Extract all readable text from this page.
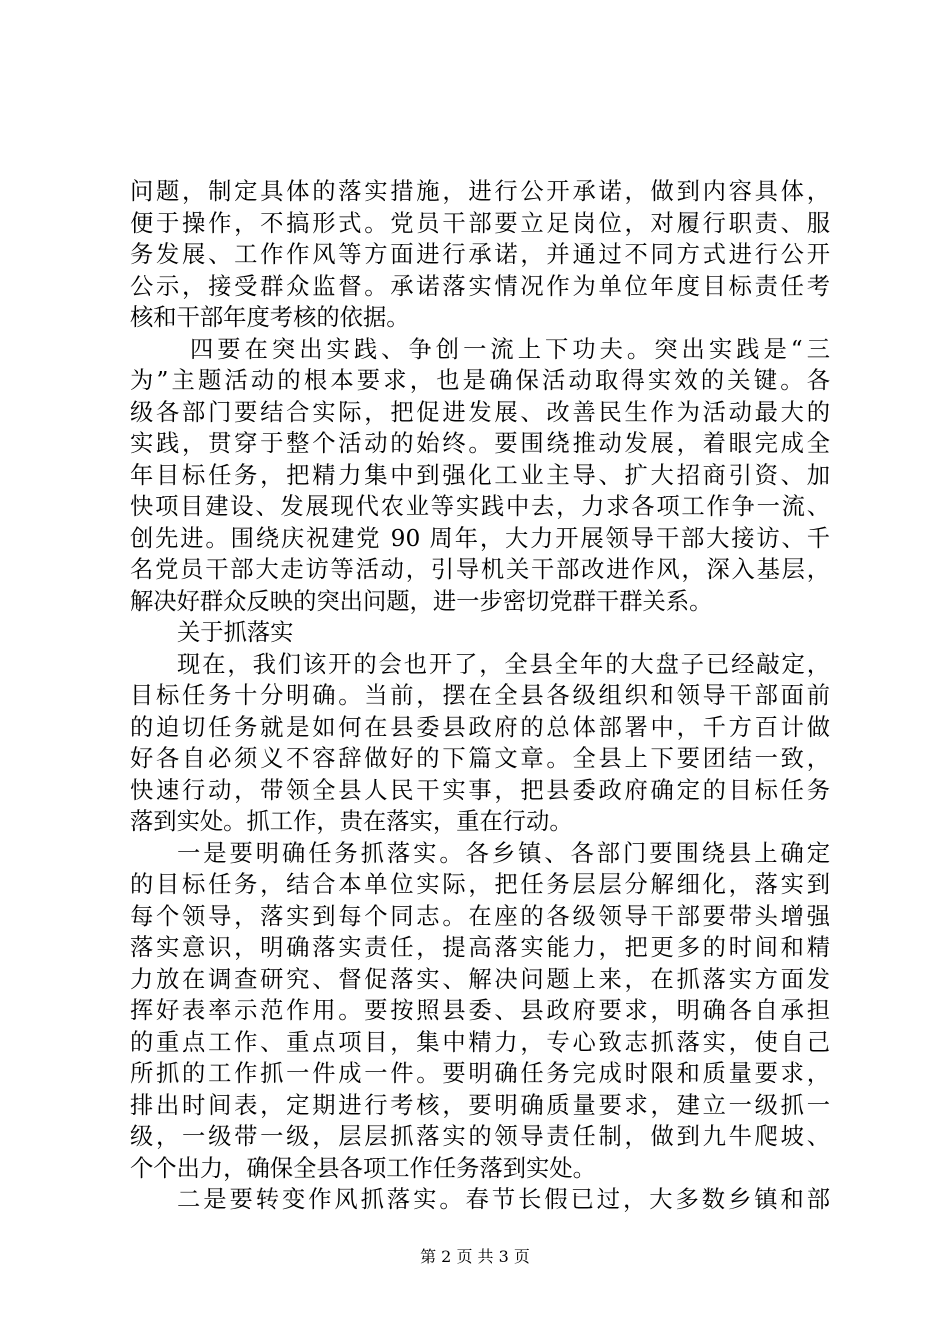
问题，制定具体的落实措施，进行公开承诺，做到内容具体，
便于操作，不搞形式。党员干部要立足岗位，对履行职责、服
务发展、工作作风等方面进行承诺，并通过不同方式进行公开
公示，接受群众监督。承诺落实情况作为单位年度目标责任考
核和干部年度考核的依据。
四要在突出实践、争创一流上下功夫。突出实践是“三
为”主题活动的根本要求，也是确保活动取得实效的关键。各
级各部门要结合实际，把促进发展、改善民生作为活动最大的
实践，贯穿于整个活动的始终。要围绕推动发展，着眼完成全
年目标任务，把精力集中到强化工业主导、扩大招商引资、加
快项目建设、发展现代农业等实践中去，力求各项工作争一流、
创先进。围绕庆祝建党 90 周年，大力开展领导干部大接访、千
名党员干部大走访等活动，引导机关干部改进作风，深入基层，
解决好群众反映的突出问题，进一步密切党群干群关系。
关于抓落实
现在，我们该开的会也开了，全县全年的大盘子已经敲定，
目标任务十分明确。当前，摆在全县各级组织和领导干部面前
的迫切任务就是如何在县委县政府的总体部署中，千方百计做
好各自必须义不容辞做好的下篇文章。全县上下要团结一致，
快速行动，带领全县人民干实事，把县委政府确定的目标任务
落到实处。抓工作，贵在落实，重在行动。
一是要明确任务抓落实。各乡镇、各部门要围绕县上确定
的目标任务，结合本单位实际，把任务层层分解细化，落实到
每个领导，落实到每个同志。在座的各级领导干部要带头增强
落实意识，明确落实责任，提高落实能力，把更多的时间和精
力放在调查研究、督促落实、解决问题上来，在抓落实方面发
挥好表率示范作用。要按照县委、县政府要求，明确各自承担
的重点工作、重点项目，集中精力，专心致志抓落实，使自己
所抓的工作抓一件成一件。要明确任务完成时限和质量要求，
排出时间表，定期进行考核，要明确质量要求，建立一级抓一
级，一级带一级，层层抓落实的领导责任制，做到九牛爬坡、
个个出力，确保全县各项工作任务落到实处。
二是要转变作风抓落实。春节长假已过，大多数乡镇和部
第 2 页 共 3 页
